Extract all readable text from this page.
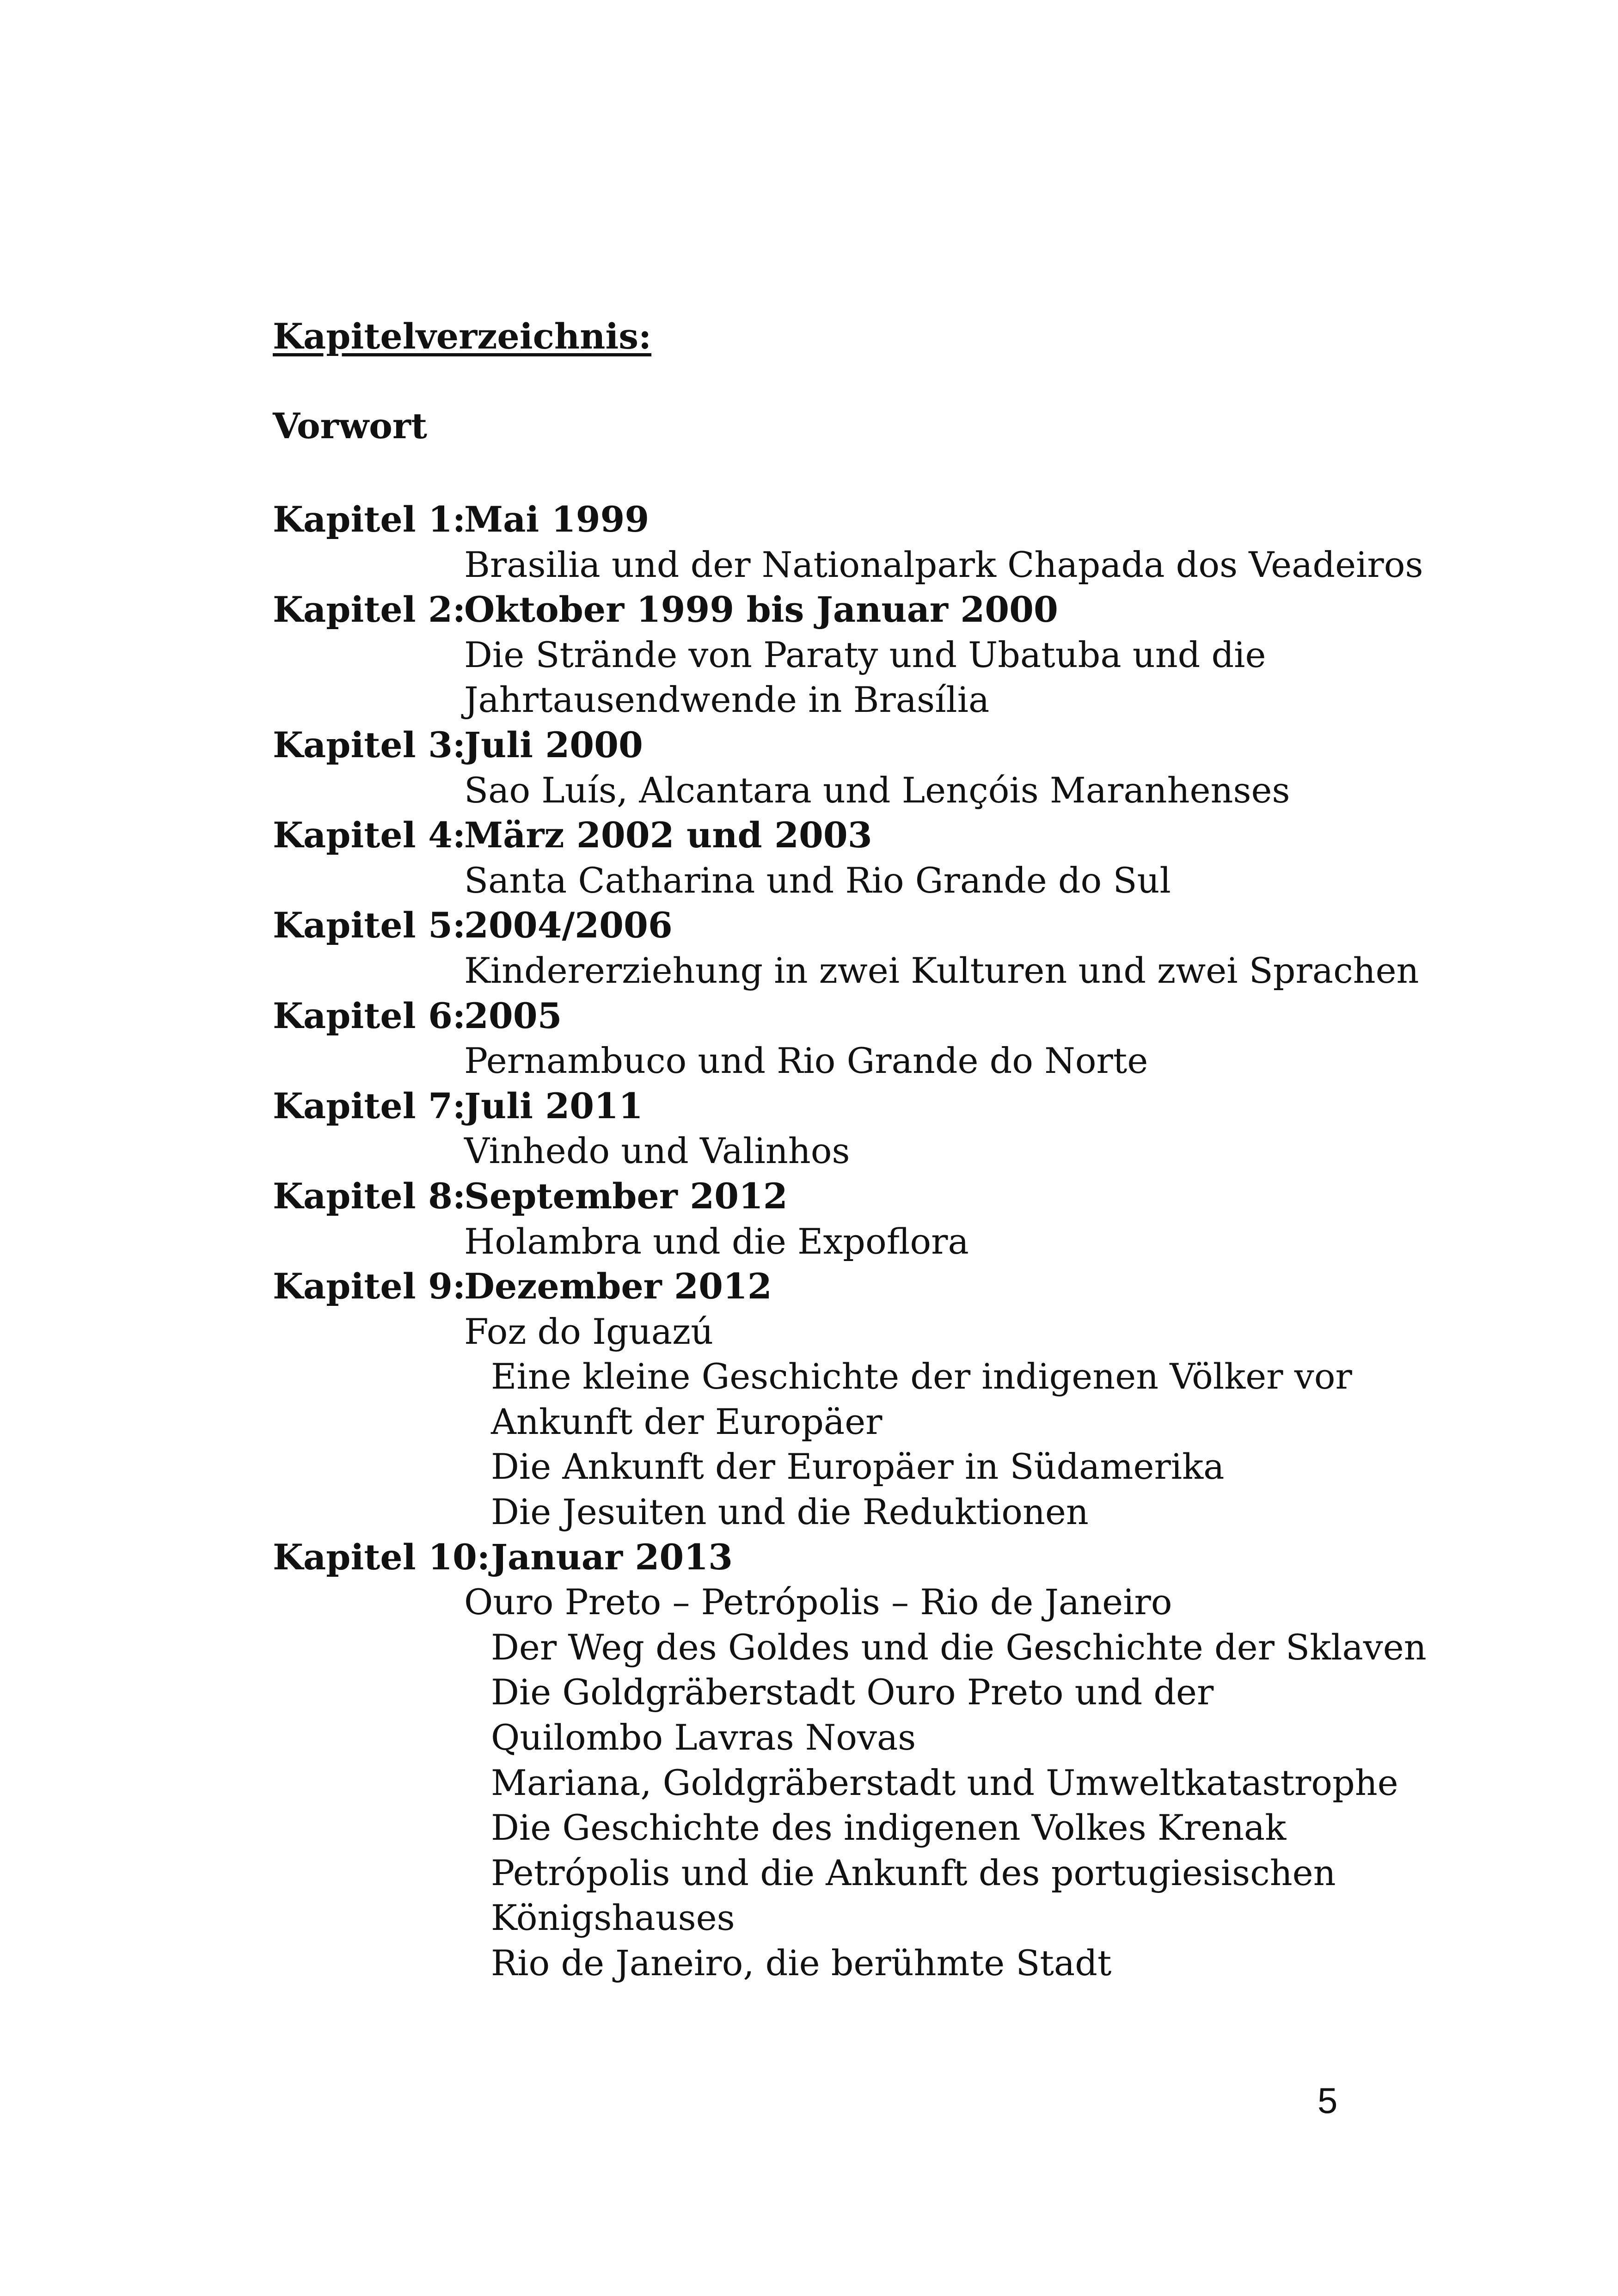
Kapitelverzeichnis:
Vorwort
Kapitel 1:
Mai 1999
Brasilia und der Nationalpark Chapada dos Veadeiros
Kapitel 2:
Oktober 1999 bis Januar 2000
Die Strände von Paraty und Ubatuba und die
Jahrtausendwende in Brasília
Kapitel 3:
Juli 2000
Sao Luís, Alcantara und Lençóis Maranhenses
Kapitel 4:
März 2002 und 2003
Santa Catharina und Rio Grande do Sul
Kapitel 5:
2004/2006
Kindererziehung in zwei Kulturen und zwei Sprachen
Kapitel 6:
2005
Pernambuco und Rio Grande do Norte
Kapitel 7:
Juli 2011
Vinhedo und Valinhos
Kapitel 8:
September 2012
Holambra und die Expoflora
Kapitel 9:
Dezember 2012
Foz do Iguazú
Eine kleine Geschichte der indigenen Völker vor
Ankunft der Europäer
Die Ankunft der Europäer in Südamerika
Die Jesuiten und die Reduktionen
Kapitel 10: Januar 2013
Ouro Preto – Petrópolis – Rio de Janeiro
Der Weg des Goldes und die Geschichte der Sklaven
Die Goldgräberstadt Ouro Preto und der
Quilombo Lavras Novas
Mariana, Goldgräberstadt und Umweltkatastrophe
Die Geschichte des indigenen Volkes Krenak
Petrópolis und die Ankunft des portugiesischen
Königshauses
Rio de Janeiro, die berühmte Stadt
5
